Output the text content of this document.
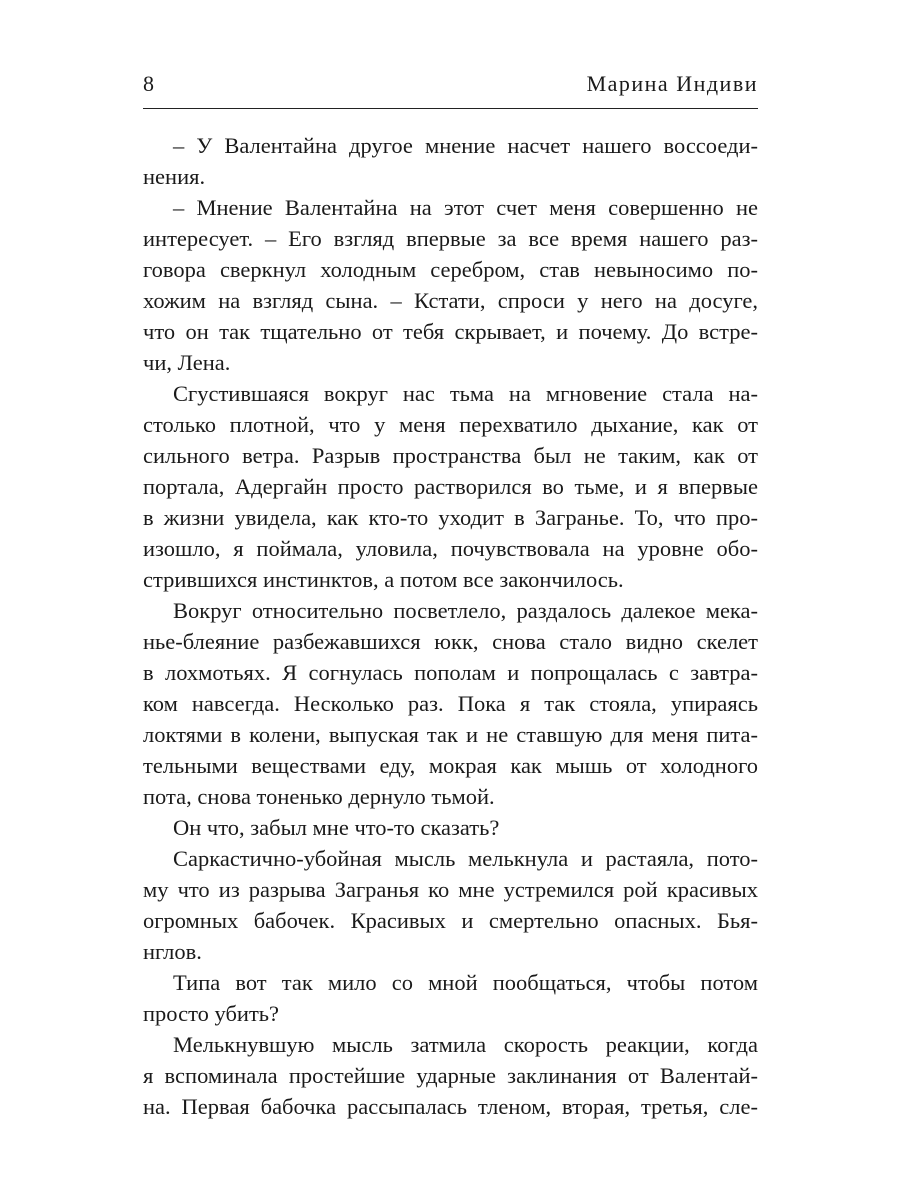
8	Марина Индиви
– У Валентайна другое мнение насчет нашего воссоеди-
нения.
– Мнение Валентайна на этот счет меня совершенно не
интересует. – Его взгляд впервые за все время нашего раз-
говора сверкнул холодным серебром, став невыносимо по-
хожим на взгляд сына. – Кстати, спроси у него на досуге,
что он так тщательно от тебя скрывает, и почему. До встре-
чи, Лена.
Сгустившаяся вокруг нас тьма на мгновение стала на-
столько плотной, что у меня перехватило дыхание, как от
сильного ветра. Разрыв пространства был не таким, как от
портала, Адергайн просто растворился во тьме, и я впервые
в жизни увидела, как кто-то уходит в Загранье. То, что про-
изошло, я поймала, уловила, почувствовала на уровне обо-
стрившихся инстинктов, а потом все закончилось.
Вокруг относительно посветлело, раздалось далекое мека-
нье-блеяние разбежавшихся юкк, снова стало видно скелет
в лохмотьях. Я согнулась пополам и попрощалась с завтра-
ком навсегда. Несколько раз. Пока я так стояла, упираясь
локтями в колени, выпуская так и не ставшую для меня пита-
тельными веществами еду, мокрая как мышь от холодного
пота, снова тоненько дернуло тьмой.
Он что, забыл мне что-то сказать?
Саркастично-убойная мысль мелькнула и растаяла, пото-
му что из разрыва Загранья ко мне устремился рой красивых
огромных бабочек. Красивых и смертельно опасных. Бья-
нглов.
Типа вот так мило со мной пообщаться, чтобы потом
просто убить?
Мелькнувшую мысль затмила скорость реакции, когда
я вспоминала простейшие ударные заклинания от Валентай-
на. Первая бабочка рассыпалась тленом, вторая, третья, сле-
